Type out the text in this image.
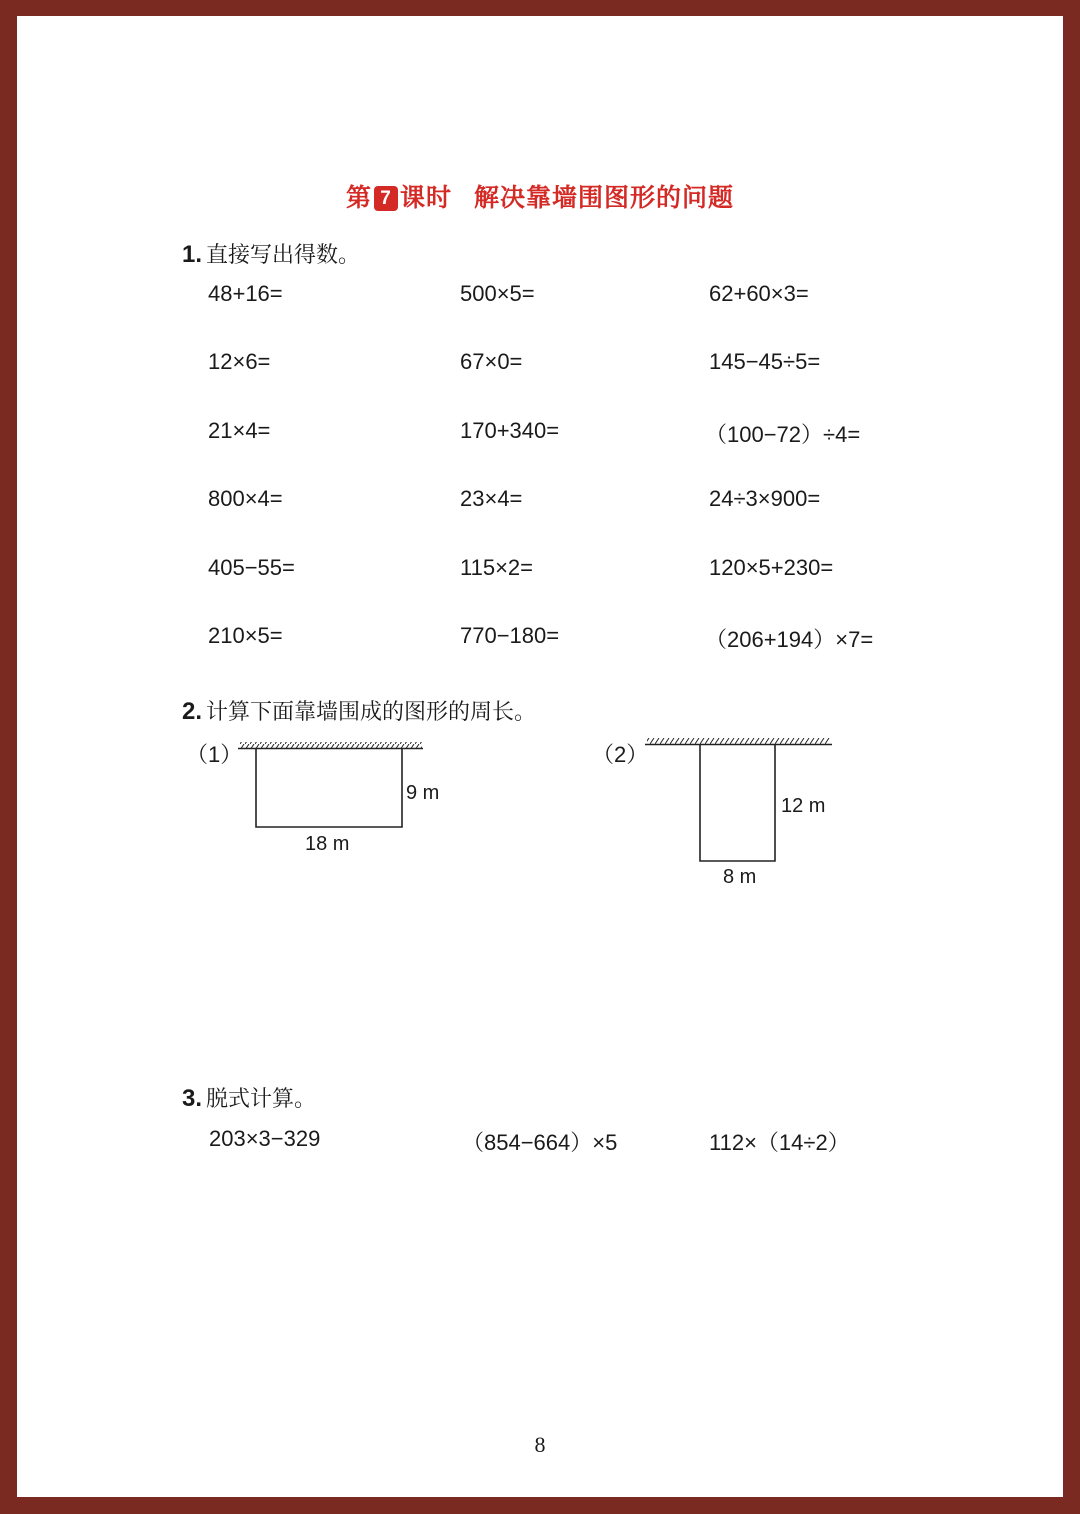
第 7 课时 解决靠墙围图形的问题
1. 直接写出得数。
48+16=	500×5=	62+60×3=
12×6=	67×0=	145−45÷5=
21×4=	170+340=	（100−72）÷4=
800×4=	23×4=	24÷3×900=
405−55=	115×2=	120×5+230=
210×5=	770−180=	（206+194）×7=
2. 计算下面靠墙围成的图形的周长。
（1）
9 m
18 m
（2）
12 m
8 m
3. 脱式计算。
203×3−329	（854−664）×5	112×（14÷2）
8
